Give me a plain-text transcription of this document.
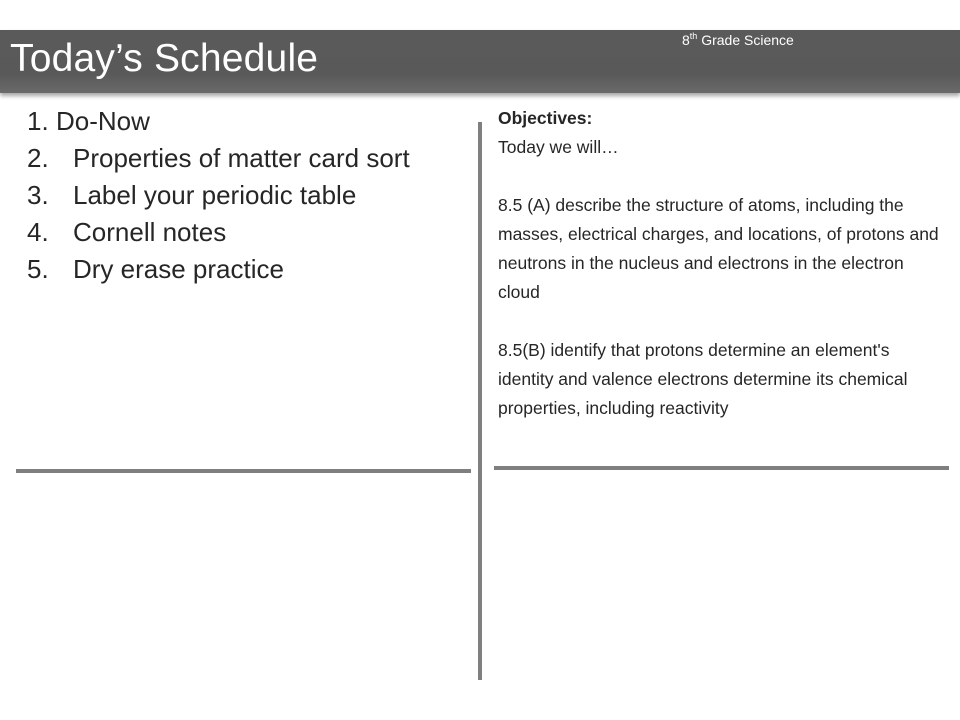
Today’s Schedule	8th Grade Science
1. Do-Now
2. Properties of matter card sort
3. Label your periodic table
4. Cornell notes
5. Dry erase practice

Objectives:

Today we will…

8.5 (A) describe the structure of atoms, including the masses, electrical charges, and locations, of protons and neutrons in the nucleus and electrons in the electron cloud

8.5(B) identify that protons determine an element's identity and valence electrons determine its chemical properties, including reactivity
